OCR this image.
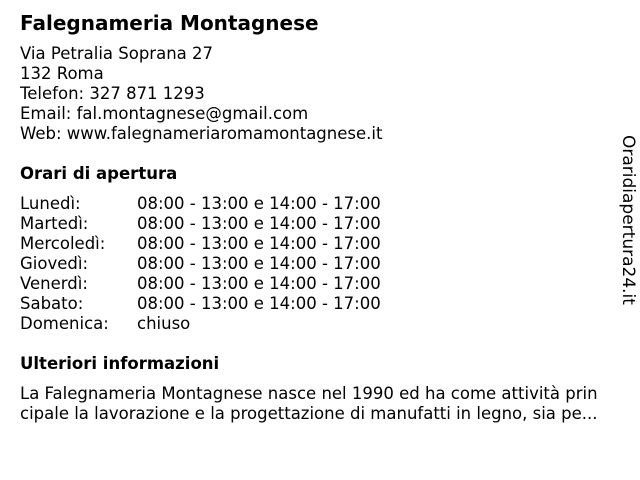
Falegnameria Montagnese
Via Petralia Soprana 27
132 Roma
Telefon: 327 871 1293
Email: fal.montagnese@gmail.com
Web: www.falegnameriaromamontagnese.it
Orari di apertura
Lunedì:	08:00 - 13:00 e 14:00 - 17:00
Martedì:	08:00 - 13:00 e 14:00 - 17:00
Mercoledì:	08:00 - 13:00 e 14:00 - 17:00
Giovedì:	08:00 - 13:00 e 14:00 - 17:00
Venerdì:	08:00 - 13:00 e 14:00 - 17:00
Sabato:	08:00 - 13:00 e 14:00 - 17:00
Domenica:	chiuso
Ulteriori informazioni
La Falegnameria Montagnese nasce nel 1990 ed ha come attività prin
cipale la lavorazione e la progettazione di manufatti in legno, sia pe...
Oraridiapertura24.it
